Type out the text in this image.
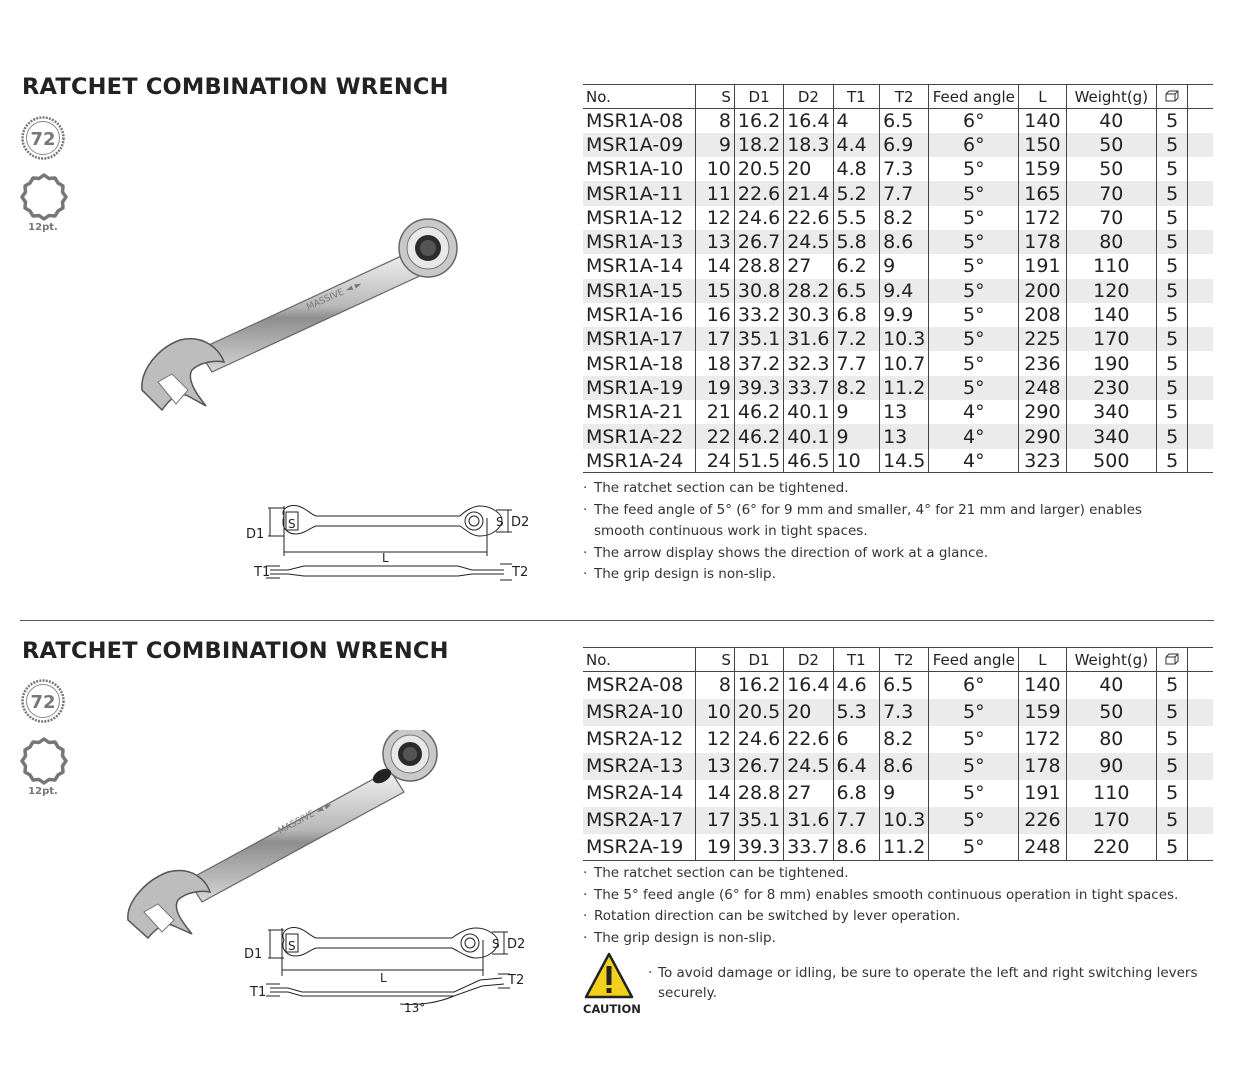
RATCHET COMBINATION WRENCH
72
12pt.
MASSIVE ◄ ►
D1
S	S D2
L
T1	T2
No.	S	D1	D2	T1	T2	Feed angle	L	Weight(g)		
MSR1A-08	8	16.2	16.4	4	6.5	6°	140	40	5	
MSR1A-09	9	18.2	18.3	4.4	6.9	6°	150	50	5	
MSR1A-10	10	20.5	20	4.8	7.3	5°	159	50	5	
MSR1A-11	11	22.6	21.4	5.2	7.7	5°	165	70	5	
MSR1A-12	12	24.6	22.6	5.5	8.2	5°	172	70	5	
MSR1A-13	13	26.7	24.5	5.8	8.6	5°	178	80	5	
MSR1A-14	14	28.8	27	6.2	9	5°	191	110	5	
MSR1A-15	15	30.8	28.2	6.5	9.4	5°	200	120	5	
MSR1A-16	16	33.2	30.3	6.8	9.9	5°	208	140	5	
MSR1A-17	17	35.1	31.6	7.2	10.3	5°	225	170	5	
MSR1A-18	18	37.2	32.3	7.7	10.7	5°	236	190	5	
MSR1A-19	19	39.3	33.7	8.2	11.2	5°	248	230	5	
MSR1A-21	21	46.2	40.1	9	13	4°	290	340	5	
MSR1A-22	22	46.2	40.1	9	13	4°	290	340	5	
MSR1A-24	24	51.5	46.5	10	14.5	4°	323	500	5	
· The ratchet section can be tightened.
· The feed angle of 5° (6° for 9 mm and smaller, 4° for 21 mm and larger) enables smooth continuous work in tight spaces.
· The arrow display shows the direction of work at a glance.
· The grip design is non-slip.
RATCHET COMBINATION WRENCH
72
12pt.
MASSIVE ◄ ►
D1
S	S D2
L
T1
T2
13°
No.	S	D1	D2	T1	T2	Feed angle	L	Weight(g)		
MSR2A-08	8	16.2	16.4	4.6	6.5	6°	140	40	5	
MSR2A-10	10	20.5	20	5.3	7.3	5°	159	50	5	
MSR2A-12	12	24.6	22.6	6	8.2	5°	172	80	5	
MSR2A-13	13	26.7	24.5	6.4	8.6	5°	178	90	5	
MSR2A-14	14	28.8	27	6.8	9	5°	191	110	5	
MSR2A-17	17	35.1	31.6	7.7	10.3	5°	226	170	5	
MSR2A-19	19	39.3	33.7	8.6	11.2	5°	248	220	5	
· The ratchet section can be tightened.
· The 5° feed angle (6° for 8 mm) enables smooth continuous operation in tight spaces.
· Rotation direction can be switched by lever operation.
· The grip design is non-slip.
CAUTION
· To avoid damage or idling, be sure to operate the left and right switching levers securely.
